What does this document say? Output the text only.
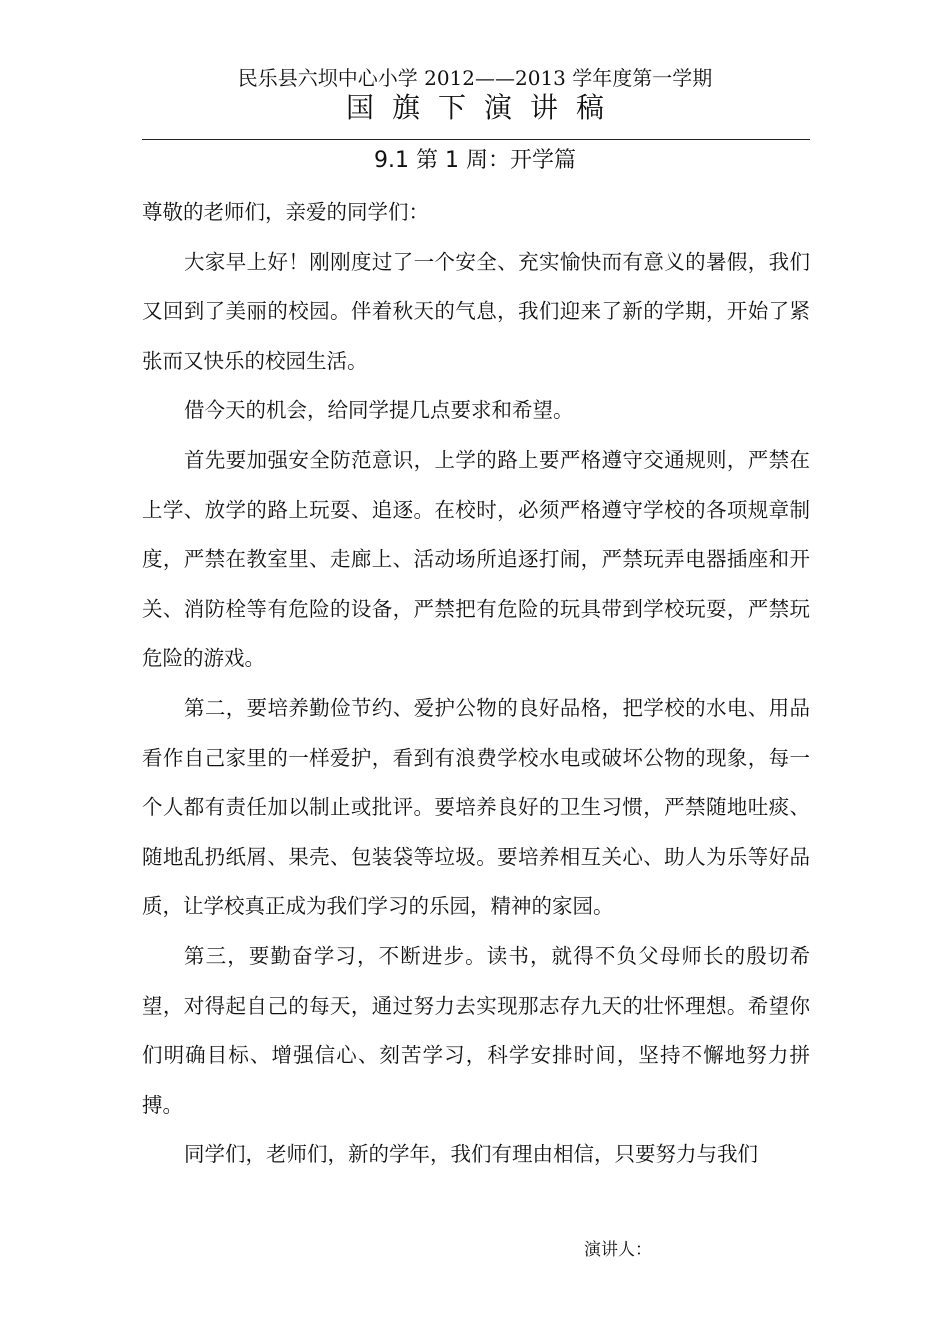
民乐县六坝中心小学 2012——2013 学年度第一学期
国旗下演讲稿
9.1 第 1 周：开学篇

尊敬的老师们，亲爱的同学们：

大家早上好！刚刚度过了一个安全、充实愉快而有意义的暑假，我们又回到了美丽的校园。伴着秋天的气息，我们迎来了新的学期，开始了紧张而又快乐的校园生活。

借今天的机会，给同学提几点要求和希望。

首先要加强安全防范意识，上学的路上要严格遵守交通规则，严禁在上学、放学的路上玩耍、追逐。在校时，必须严格遵守学校的各项规章制度，严禁在教室里、走廊上、活动场所追逐打闹，严禁玩弄电器插座和开关、消防栓等有危险的设备，严禁把有危险的玩具带到学校玩耍，严禁玩危险的游戏。

第二，要培养勤俭节约、爱护公物的良好品格，把学校的水电、用品看作自己家里的一样爱护，看到有浪费学校水电或破坏公物的现象，每一个人都有责任加以制止或批评。要培养良好的卫生习惯，严禁随地吐痰、随地乱扔纸屑、果壳、包装袋等垃圾。要培养相互关心、助人为乐等好品质，让学校真正成为我们学习的乐园，精神的家园。

第三，要勤奋学习，不断进步。读书，就得不负父母师长的殷切希望，对得起自己的每天，通过努力去实现那志存九天的壮怀理想。希望你们明确目标、增强信心、刻苦学习，科学安排时间，坚持不懈地努力拼搏。

同学们，老师们，新的学年，我们有理由相信，只要努力与我们

演讲人：
